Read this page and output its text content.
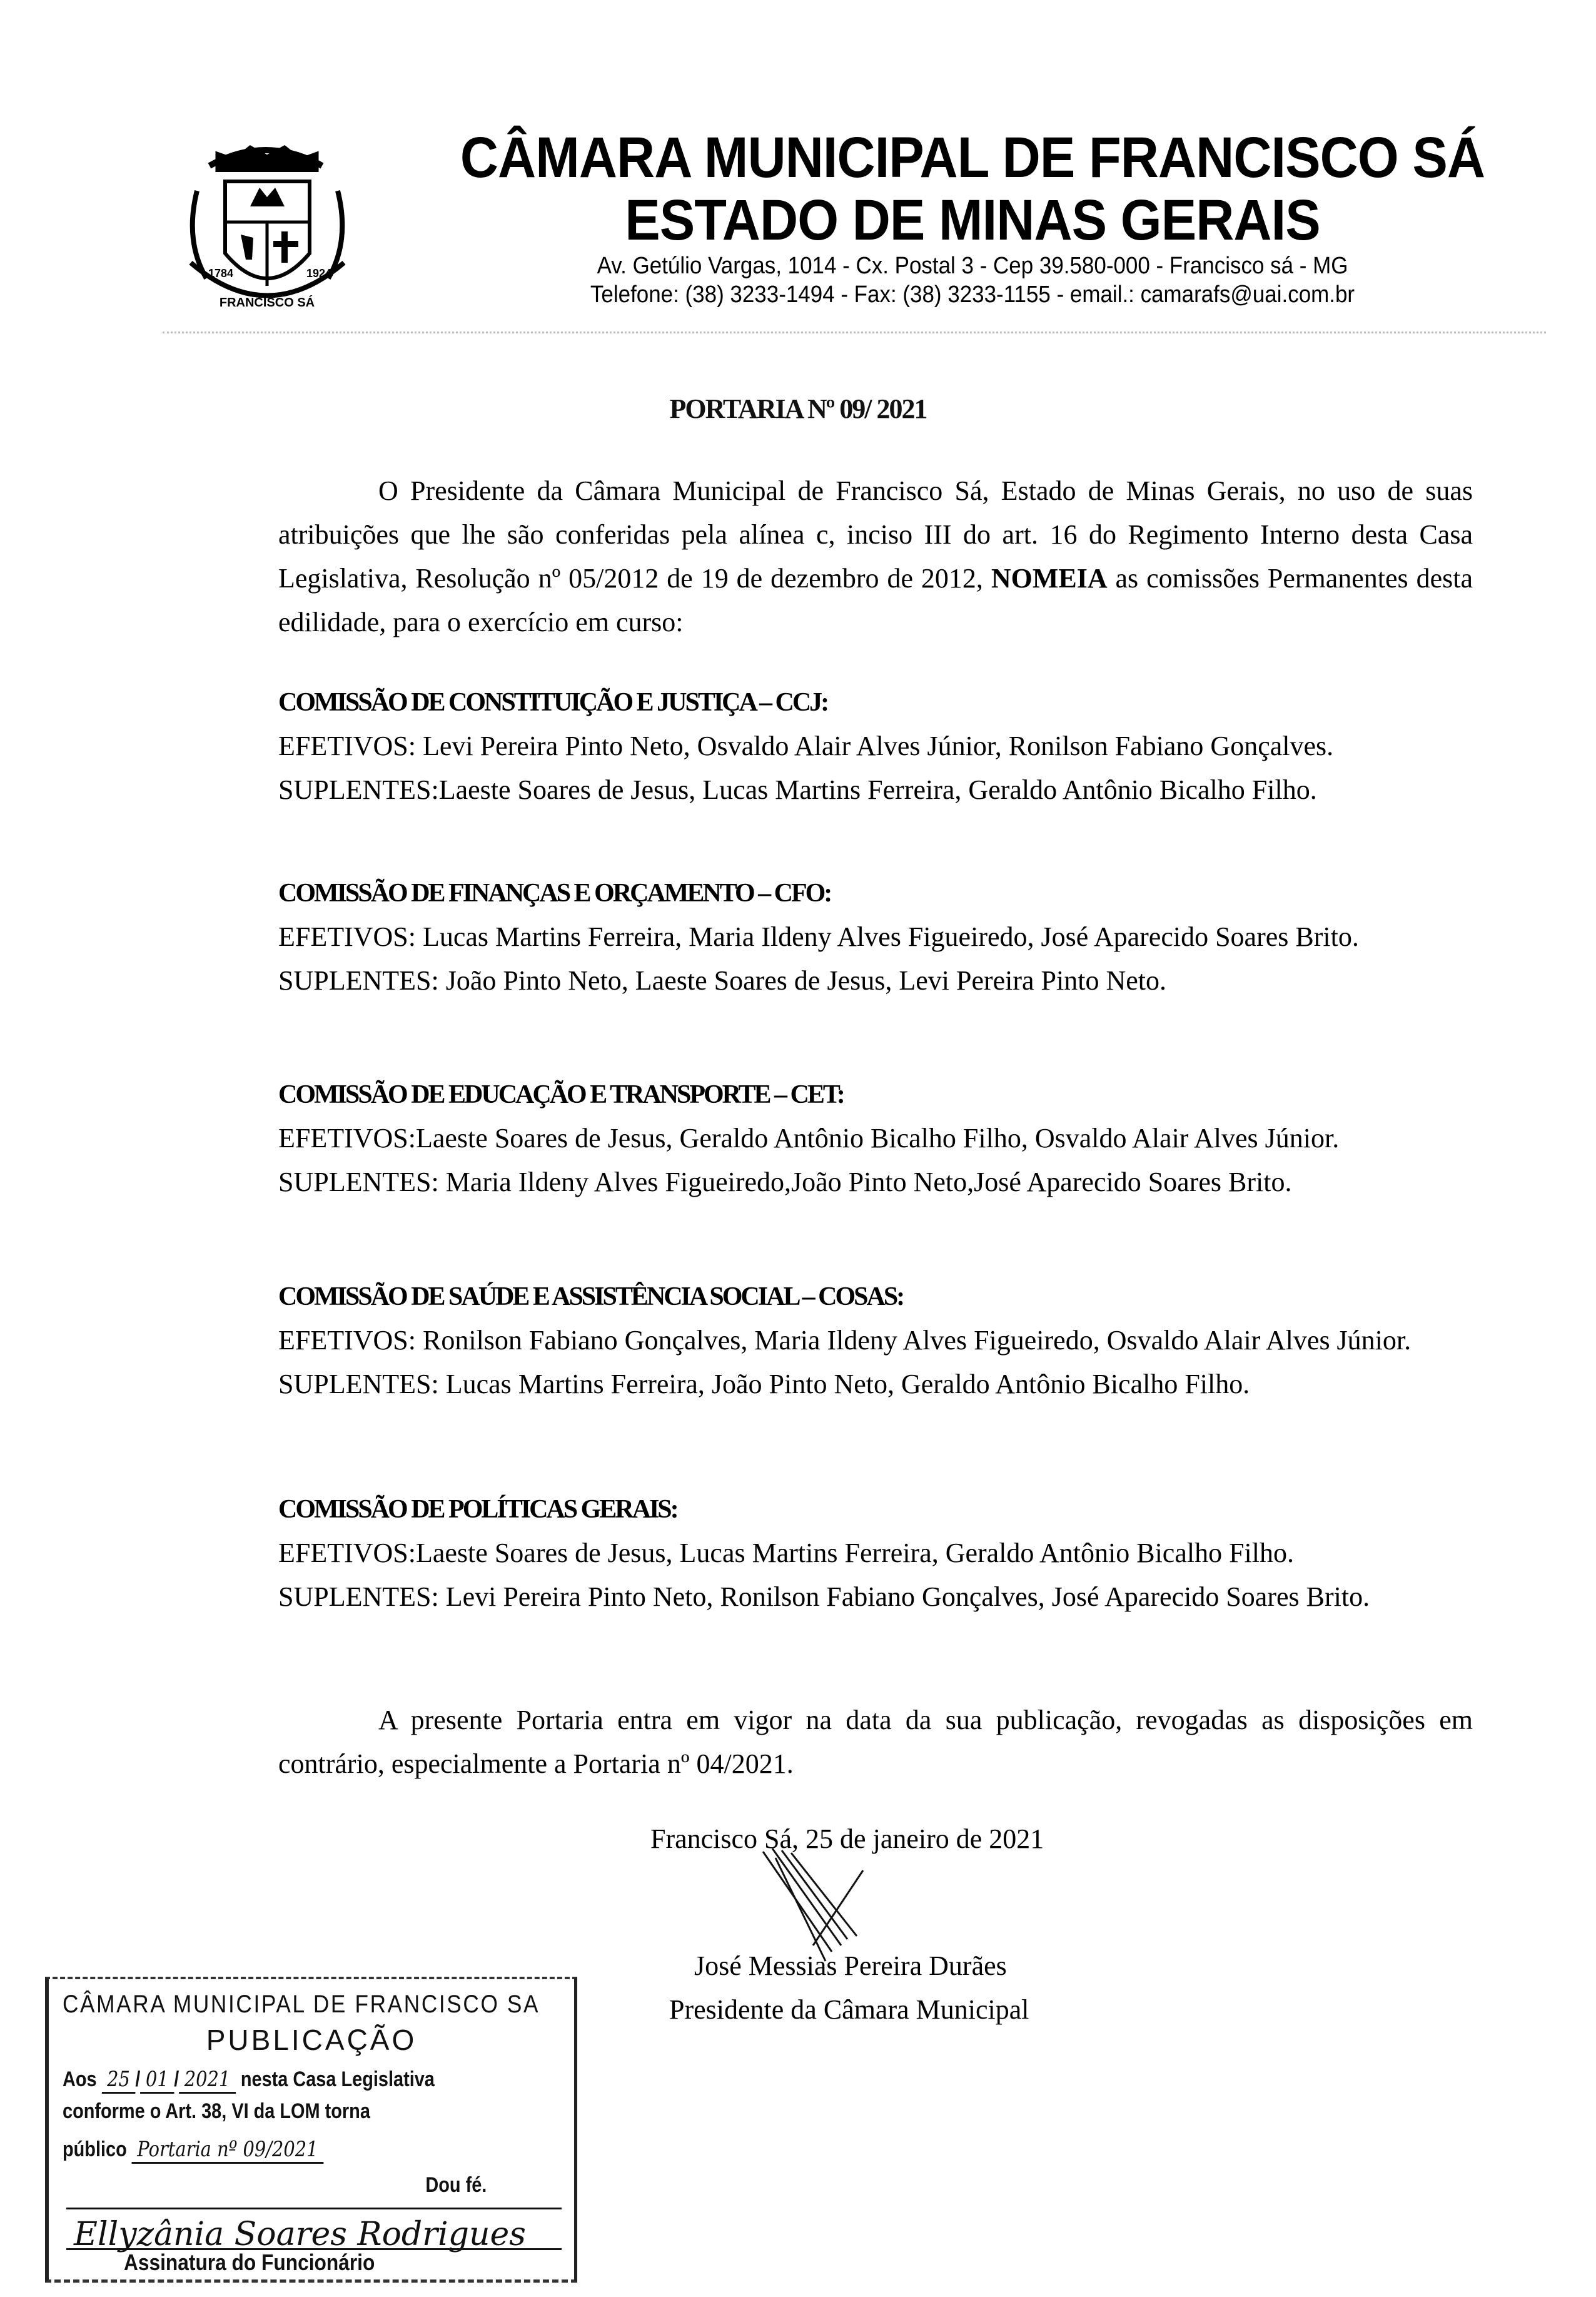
1784	1924
FRANCISCO SÁ
CÂMARA MUNICIPAL DE FRANCISCO SÁ
ESTADO DE MINAS GERAIS
Av. Getúlio Vargas, 1014 - Cx. Postal 3 - Cep 39.580-000 - Francisco sá - MG
Telefone: (38) 3233-1494 - Fax: (38) 3233-1155 - email.: camarafs@uai.com.br
PORTARIA Nº 09/ 2021
O Presidente da Câmara Municipal de Francisco Sá, Estado de Minas Gerais, no uso de suas atribuições que lhe são conferidas pela alínea c, inciso III do art. 16 do Regimento Interno desta Casa Legislativa, Resolução nº 05/2012 de 19 de dezembro de 2012, NOMEIA as comissões Permanentes desta edilidade, para o exercício em curso:
COMISSÃO DE CONSTITUIÇÃO E JUSTIÇA – CCJ:
EFETIVOS: Levi Pereira Pinto Neto, Osvaldo Alair Alves Júnior, Ronilson Fabiano Gonçalves.
SUPLENTES:Laeste Soares de Jesus, Lucas Martins Ferreira, Geraldo Antônio Bicalho Filho.
COMISSÃO DE FINANÇAS E ORÇAMENTO – CFO:
EFETIVOS: Lucas Martins Ferreira, Maria Ildeny Alves Figueiredo, José Aparecido Soares Brito.
SUPLENTES: João Pinto Neto, Laeste Soares de Jesus, Levi Pereira Pinto Neto.
COMISSÃO DE EDUCAÇÃO E TRANSPORTE – CET:
EFETIVOS:Laeste Soares de Jesus, Geraldo Antônio Bicalho Filho, Osvaldo Alair Alves Júnior.
SUPLENTES: Maria Ildeny Alves Figueiredo,João Pinto Neto,José Aparecido Soares Brito.
COMISSÃO DE SAÚDE E ASSISTÊNCIA SOCIAL – COSAS:
EFETIVOS: Ronilson Fabiano Gonçalves, Maria Ildeny Alves Figueiredo, Osvaldo Alair Alves Júnior.
SUPLENTES: Lucas Martins Ferreira, João Pinto Neto, Geraldo Antônio Bicalho Filho.
COMISSÃO DE POLÍTICAS GERAIS:
EFETIVOS:Laeste Soares de Jesus, Lucas Martins Ferreira, Geraldo Antônio Bicalho Filho.
SUPLENTES: Levi Pereira Pinto Neto, Ronilson Fabiano Gonçalves, José Aparecido Soares Brito.
A presente Portaria entra em vigor na data da sua publicação, revogadas as disposições em contrário, especialmente a Portaria nº 04/2021.
Francisco Sá, 25 de janeiro de 2021
José Messias Pereira Durães
Presidente da Câmara Municipal
CÂMARA MUNICIPAL DE FRANCISCO SA
PUBLICAÇÃO
Aos 25 / 01 / 2021 nesta Casa Legislativa
conforme o Art. 38, VI da LOM torna
público Portaria nº 09/2021
Dou fé.
Ellyzânia Soares Rodrigues
Assinatura do Funcionário
